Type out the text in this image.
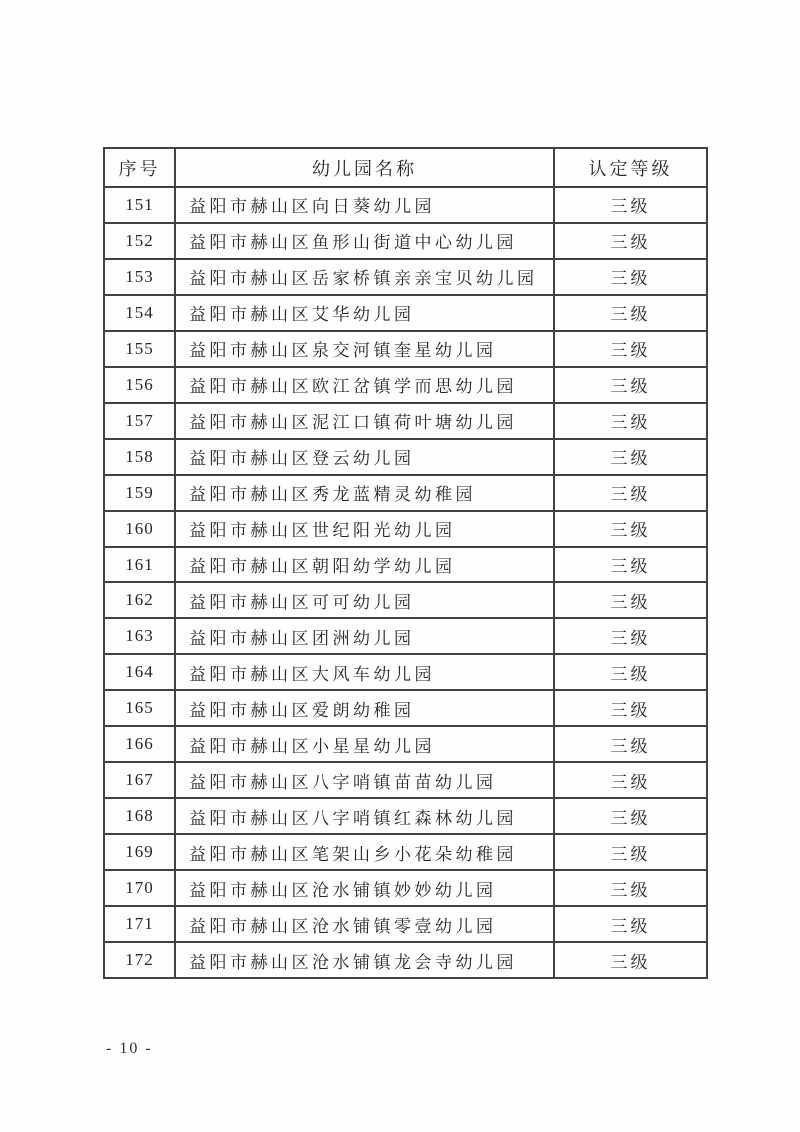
序号	幼儿园名称	认定等级
151	益阳市赫山区向日葵幼儿园	三级
152	益阳市赫山区鱼形山街道中心幼儿园	三级
153	益阳市赫山区岳家桥镇亲亲宝贝幼儿园	三级
154	益阳市赫山区艾华幼儿园	三级
155	益阳市赫山区泉交河镇奎星幼儿园	三级
156	益阳市赫山区欧江岔镇学而思幼儿园	三级
157	益阳市赫山区泥江口镇荷叶塘幼儿园	三级
158	益阳市赫山区登云幼儿园	三级
159	益阳市赫山区秀龙蓝精灵幼稚园	三级
160	益阳市赫山区世纪阳光幼儿园	三级
161	益阳市赫山区朝阳幼学幼儿园	三级
162	益阳市赫山区可可幼儿园	三级
163	益阳市赫山区团洲幼儿园	三级
164	益阳市赫山区大风车幼儿园	三级
165	益阳市赫山区爱朗幼稚园	三级
166	益阳市赫山区小星星幼儿园	三级
167	益阳市赫山区八字哨镇苗苗幼儿园	三级
168	益阳市赫山区八字哨镇红森林幼儿园	三级
169	益阳市赫山区笔架山乡小花朵幼稚园	三级
170	益阳市赫山区沧水铺镇妙妙幼儿园	三级
171	益阳市赫山区沧水铺镇零壹幼儿园	三级
172	益阳市赫山区沧水铺镇龙会寺幼儿园	三级
- 10 -
